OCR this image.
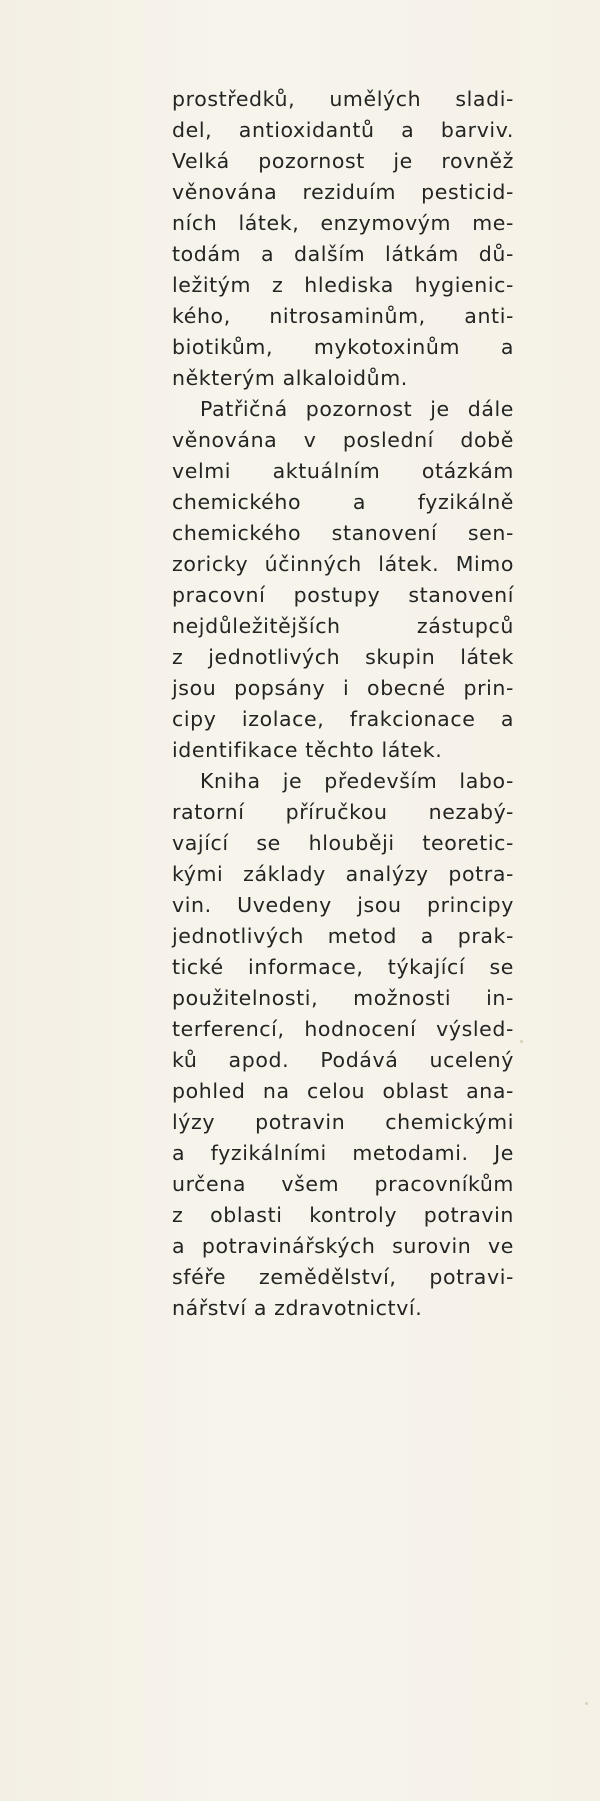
prostředků, umělých sladi-
del, antioxidantů a barviv.
Velká pozornost je rovněž
věnována reziduím pesticid-
ních látek, enzymovým me-
todám a dalším látkám dů-
ležitým z hlediska hygienic-
kého, nitrosaminům, anti-
biotikům, mykotoxinům a
některým alkaloidům.
Patřičná pozornost je dále
věnována v poslední době
velmi aktuálním otázkám
chemického a fyzikálně
chemického stanovení sen-
zoricky účinných látek. Mimo
pracovní postupy stanovení
nejdůležitějších zástupců
z jednotlivých skupin látek
jsou popsány i obecné prin-
cipy izolace, frakcionace a
identifikace těchto látek.
Kniha je především labo-
ratorní příručkou nezabý-
vající se hlouběji teoretic-
kými základy analýzy potra-
vin. Uvedeny jsou principy
jednotlivých metod a prak-
tické informace, týkající se
použitelnosti, možnosti in-
terferencí, hodnocení výsled-
ků apod. Podává ucelený
pohled na celou oblast ana-
lýzy potravin chemickými
a fyzikálními metodami. Je
určena všem pracovníkům
z oblasti kontroly potravin
a potravinářských surovin ve
sféře zemědělství, potravi-
nářství a zdravotnictví.
